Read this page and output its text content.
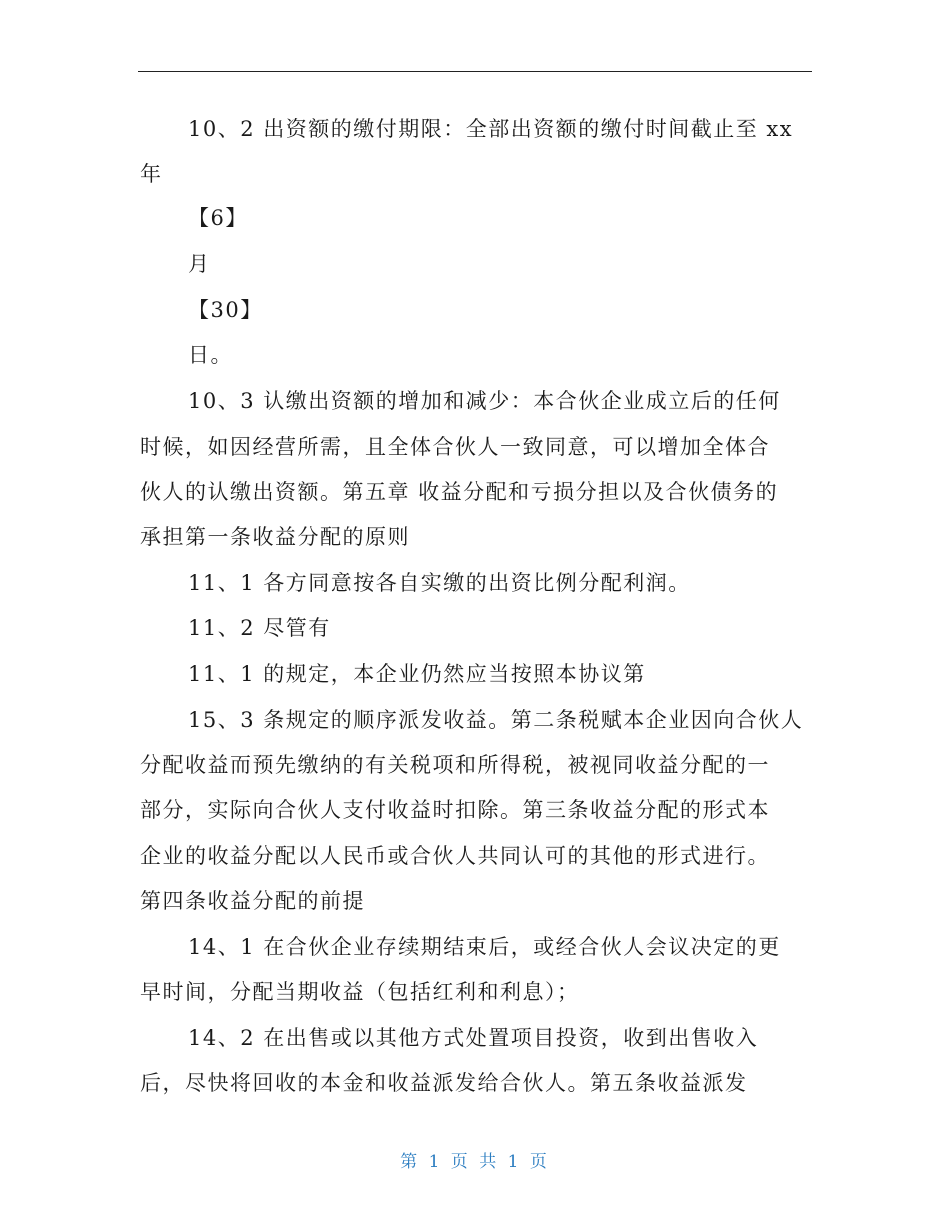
10、2 出资额的缴付期限：全部出资额的缴付时间截止至 xx
年
【6】
月
【30】
日。
10、3 认缴出资额的增加和减少：本合伙企业成立后的任何
时候，如因经营所需，且全体合伙人一致同意，可以增加全体合
伙人的认缴出资额。第五章 收益分配和亏损分担以及合伙债务的
承担第一条收益分配的原则
11、1 各方同意按各自实缴的出资比例分配利润。
11、2 尽管有
11、1 的规定，本企业仍然应当按照本协议第
15、3 条规定的顺序派发收益。第二条税赋本企业因向合伙人
分配收益而预先缴纳的有关税项和所得税，被视同收益分配的一
部分，实际向合伙人支付收益时扣除。第三条收益分配的形式本
企业的收益分配以人民币或合伙人共同认可的其他的形式进行。
第四条收益分配的前提
14、1 在合伙企业存续期结束后，或经合伙人会议决定的更
早时间，分配当期收益（包括红利和利息）；
14、2 在出售或以其他方式处置项目投资，收到出售收入
后，尽快将回收的本金和收益派发给合伙人。第五条收益派发
第 1 页 共 1 页
